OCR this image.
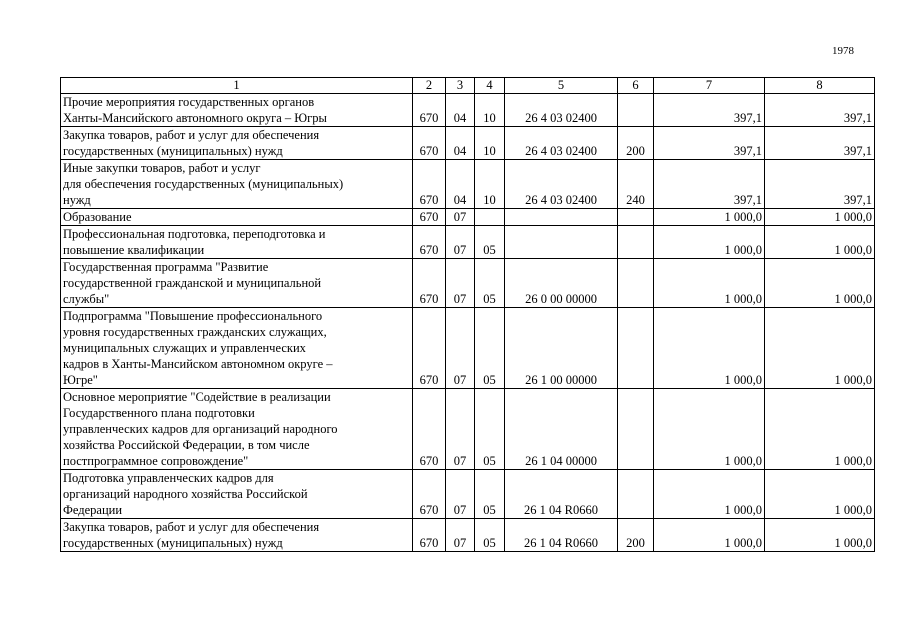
1978
1	2	3	4	5	6	7	8

Прочие мероприятия государственных органов
Ханты-Мансийского автономного округа – Югры	670	04	10	26 4 03 02400		397,1	397,1

Закупка товаров, работ и услуг для обеспечения
государственных (муниципальных) нужд	670	04	10	26 4 03 02400	200	397,1	397,1

Иные закупки товаров, работ и услуг
для обеспечения государственных (муниципальных)
нужд	670	04	10	26 4 03 02400	240	397,1	397,1

Образование	670	07				1 000,0	1 000,0

Профессиональная подготовка, переподготовка и
повышение квалификации	670	07	05			1 000,0	1 000,0

Государственная программа "Развитие
государственной гражданской и муниципальной
службы"	670	07	05	26 0 00 00000		1 000,0	1 000,0

Подпрограмма "Повышение профессионального
уровня государственных гражданских служащих,
муниципальных служащих и управленческих
кадров в Ханты-Мансийском автономном округе –
Югре"	670	07	05	26 1 00 00000		1 000,0	1 000,0

Основное мероприятие "Содействие в реализации
Государственного плана подготовки
управленческих кадров для организаций народного
хозяйства Российской Федерации, в том числе
постпрограммное сопровождение"	670	07	05	26 1 04 00000		1 000,0	1 000,0

Подготовка управленческих кадров для
организаций народного хозяйства Российской
Федерации	670	07	05	26 1 04 R0660		1 000,0	1 000,0

Закупка товаров, работ и услуг для обеспечения
государственных (муниципальных) нужд	670	07	05	26 1 04 R0660	200	1 000,0	1 000,0
